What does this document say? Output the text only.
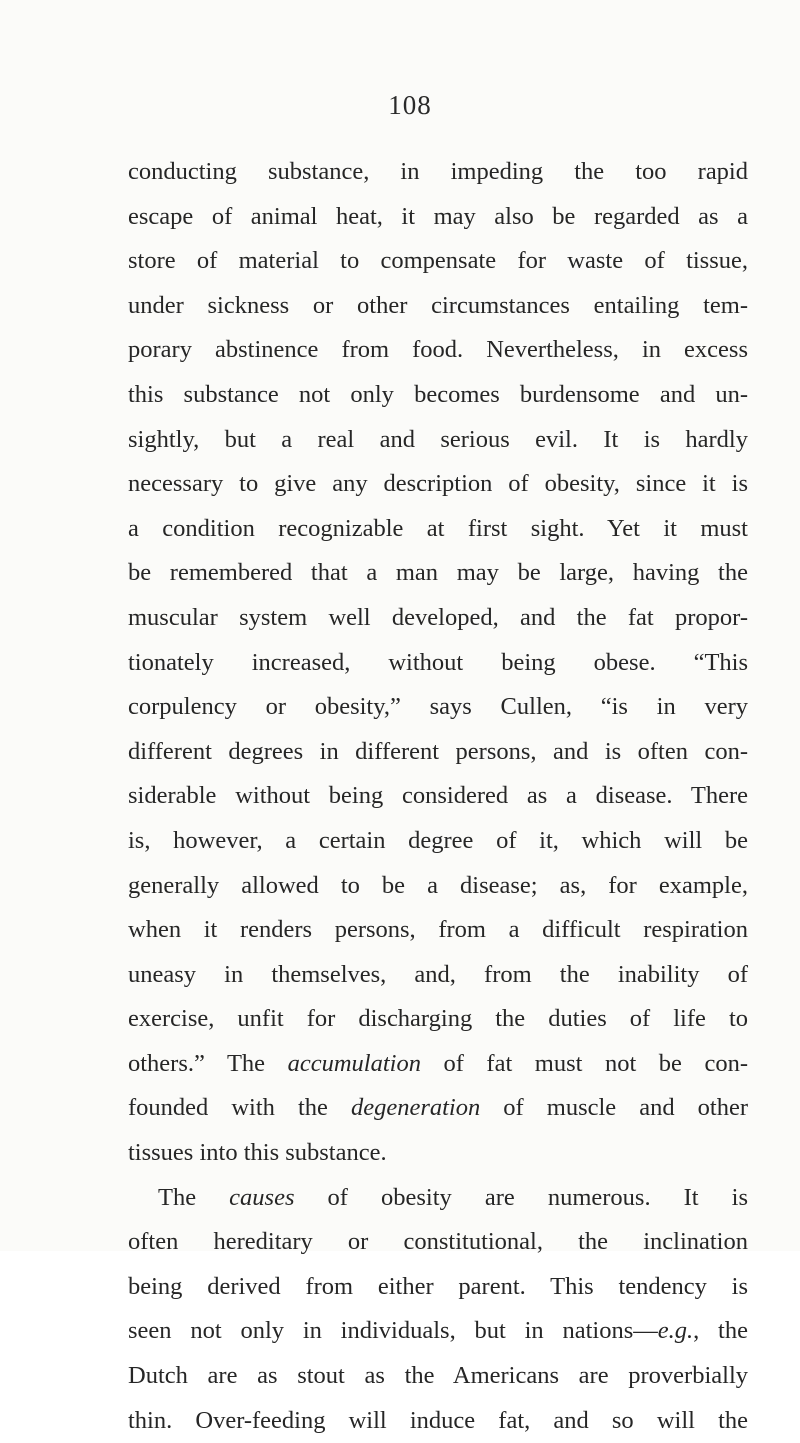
108
conducting substance, in impeding the too rapid
escape of animal heat, it may also be regarded as a
store of material to compensate for waste of tissue,
under sickness or other circumstances entailing tem-
porary abstinence from food. Nevertheless, in excess
this substance not only becomes burdensome and un-
sightly, but a real and serious evil. It is hardly
necessary to give any description of obesity, since it is
a condition recognizable at first sight. Yet it must
be remembered that a man may be large, having the
muscular system well developed, and the fat propor-
tionately increased, without being obese. “This
corpulency or obesity,” says Cullen, “is in very
different degrees in different persons, and is often con-
siderable without being considered as a disease. There
is, however, a certain degree of it, which will be
generally allowed to be a disease; as, for example,
when it renders persons, from a difficult respiration
uneasy in themselves, and, from the inability of
exercise, unfit for discharging the duties of life to
others.” The accumulation of fat must not be con-
founded with the degeneration of muscle and other
tissues into this substance.
The causes of obesity are numerous. It is
often hereditary or constitutional, the inclination
being derived from either parent. This tendency is
seen not only in individuals, but in nations—e.g., the
Dutch are as stout as the Americans are proverbially
thin. Over-feeding will induce fat, and so will the
